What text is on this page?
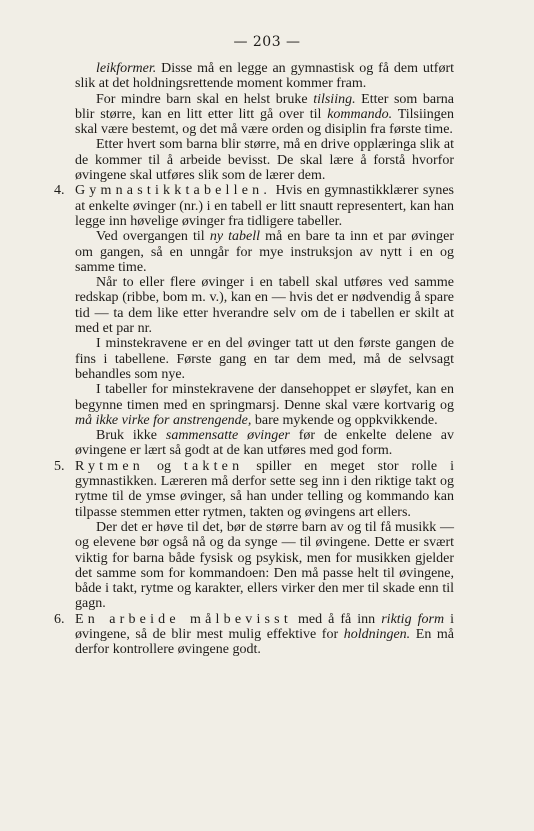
— 203 —

leikformer. Disse må en legge an gymnastisk og få dem utført slik at det holdningsrettende moment kommer fram.

For mindre barn skal en helst bruke tilsiing. Etter som barna blir større, kan en litt etter litt gå over til kommando. Tilsiingen skal være bestemt, og det må være orden og disiplin fra første time.

Etter hvert som barna blir større, må en drive opplæringa slik at de kommer til å arbeide bevisst. De skal lære å forstå hvorfor øvingene skal utføres slik som de lærer dem.

4. Gymnastikktabellen. Hvis en gymnastikklærer synes at enkelte øvinger (nr.) i en tabell er litt snautt representert, kan han legge inn høvelige øvinger fra tidligere tabeller.

Ved overgangen til ny tabell må en bare ta inn et par øvinger om gangen, så en unngår for mye instruksjon av nytt i en og samme time.

Når to eller flere øvinger i en tabell skal utføres ved samme redskap (ribbe, bom m. v.), kan en — hvis det er nødvendig å spare tid — ta dem like etter hverandre selv om de i tabellen er skilt at med et par nr.

I minstekravene er en del øvinger tatt ut den første gangen de fins i tabellene. Første gang en tar dem med, må de selvsagt behandles som nye.

I tabeller for minstekravene der dansehoppet er sløyfet, kan en begynne timen med en springmarsj. Denne skal være kortvarig og må ikke virke for anstrengende, bare mykende og oppkvikkende.

Bruk ikke sammensatte øvinger før de enkelte delene av øvingene er lært så godt at de kan utføres med god form.

5. Rytmen og takten spiller en meget stor rolle i gymnastikken. Læreren må derfor sette seg inn i den riktige takt og rytme til de ymse øvinger, så han under telling og kommando kan tilpasse stemmen etter rytmen, takten og øvingens art ellers.

Der det er høve til det, bør de større barn av og til få musikk — og elevene bør også nå og da synge — til øvingene. Dette er svært viktig for barna både fysisk og psykisk, men for musikken gjelder det samme som for kommandoen: Den må passe helt til øvingene, både i takt, rytme og karakter, ellers virker den mer til skade enn til gagn.

6. En arbeide målbevisst med å få inn riktig form i øvingene, så de blir mest mulig effektive for holdningen. En må derfor kontrollere øvingene godt.
